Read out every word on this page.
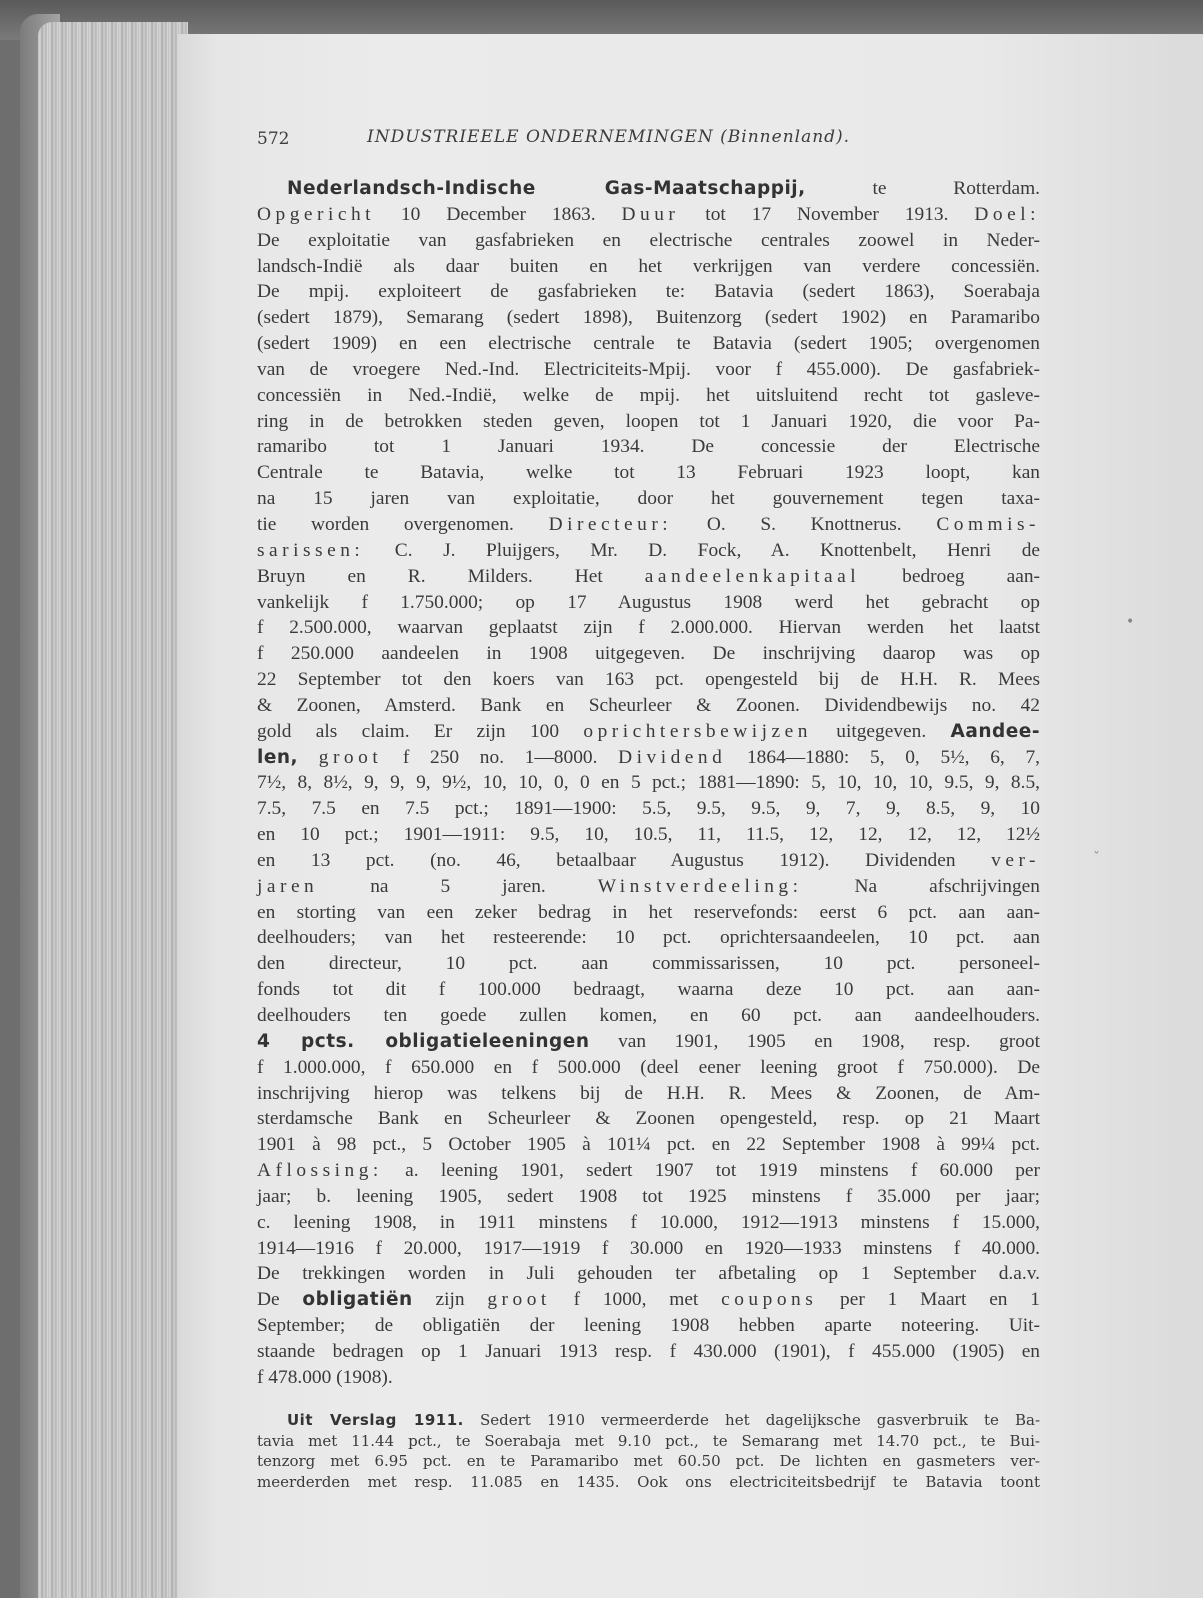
572	INDUSTRIEELE ONDERNEMINGEN (Binnenland).
Nederlandsch-Indische Gas-Maatschappij, te Rotterdam.
Opgericht 10 December 1863. Duur tot 17 November 1913. Doel:
De exploitatie van gasfabrieken en electrische centrales zoowel in Neder-
landsch-Indië als daar buiten en het verkrijgen van verdere concessiën.
De mpij. exploiteert de gasfabrieken te: Batavia (sedert 1863), Soerabaja
(sedert 1879), Semarang (sedert 1898), Buitenzorg (sedert 1902) en Paramaribo
(sedert 1909) en een electrische centrale te Batavia (sedert 1905; overgenomen
van de vroegere Ned.-Ind. Electriciteits-Mpij. voor f 455.000). De gasfabriek-
concessiën in Ned.-Indië, welke de mpij. het uitsluitend recht tot gasleve-
ring in de betrokken steden geven, loopen tot 1 Januari 1920, die voor Pa-
ramaribo tot 1 Januari 1934. De concessie der Electrische
Centrale te Batavia, welke tot 13 Februari 1923 loopt, kan
na 15 jaren van exploitatie, door het gouvernement tegen taxa-
tie worden overgenomen. Directeur: O. S. Knottnerus. Commis-
sarissen: C. J. Pluijgers, Mr. D. Fock, A. Knottenbelt, Henri de
Bruyn en R. Milders. Het aandeelenkapitaal bedroeg aan-
vankelijk f 1.750.000; op 17 Augustus 1908 werd het gebracht op
f 2.500.000, waarvan geplaatst zijn f 2.000.000. Hiervan werden het laatst
f 250.000 aandeelen in 1908 uitgegeven. De inschrijving daarop was op
22 September tot den koers van 163 pct. opengesteld bij de H.H. R. Mees
& Zoonen, Amsterd. Bank en Scheurleer & Zoonen. Dividendbewijs no. 42
gold als claim. Er zijn 100 oprichtersbewijzen uitgegeven. Aandee-
len, groot f 250 no. 1—8000. Dividend 1864—1880: 5, 0, 5½, 6, 7,
7½, 8, 8½, 9, 9, 9, 9½, 10, 10, 0, 0 en 5 pct.; 1881—1890: 5, 10, 10, 10, 9.5, 9, 8.5,
7.5, 7.5 en 7.5 pct.; 1891—1900: 5.5, 9.5, 9.5, 9, 7, 9, 8.5, 9, 10
en 10 pct.; 1901—1911: 9.5, 10, 10.5, 11, 11.5, 12, 12, 12, 12, 12½
en 13 pct. (no. 46, betaalbaar Augustus 1912). Dividenden ver-
jaren na 5 jaren. Winstverdeeling: Na afschrijvingen
en storting van een zeker bedrag in het reservefonds: eerst 6 pct. aan aan-
deelhouders; van het resteerende: 10 pct. oprichtersaandeelen, 10 pct. aan
den directeur, 10 pct. aan commissarissen, 10 pct. personeel-
fonds tot dit f 100.000 bedraagt, waarna deze 10 pct. aan aan-
deelhouders ten goede zullen komen, en 60 pct. aan aandeelhouders.
4 pcts. obligatieleeningen van 1901, 1905 en 1908, resp. groot
f 1.000.000, f 650.000 en f 500.000 (deel eener leening groot f 750.000). De
inschrijving hierop was telkens bij de H.H. R. Mees & Zoonen, de Am-
sterdamsche Bank en Scheurleer & Zoonen opengesteld, resp. op 21 Maart
1901 à 98 pct., 5 October 1905 à 101¼ pct. en 22 September 1908 à 99¼ pct.
Aflossing: a. leening 1901, sedert 1907 tot 1919 minstens f 60.000 per
jaar; b. leening 1905, sedert 1908 tot 1925 minstens f 35.000 per jaar;
c. leening 1908, in 1911 minstens f 10.000, 1912—1913 minstens f 15.000,
1914—1916 f 20.000, 1917—1919 f 30.000 en 1920—1933 minstens f 40.000.
De trekkingen worden in Juli gehouden ter afbetaling op 1 September d.a.v.
De obligatiën zijn groot f 1000, met coupons per 1 Maart en 1
September; de obligatiën der leening 1908 hebben aparte noteering. Uit-
staande bedragen op 1 Januari 1913 resp. f 430.000 (1901), f 455.000 (1905) en
f 478.000 (1908).
Uit Verslag 1911. Sedert 1910 vermeerderde het dagelijksche gasverbruik te Ba-
tavia met 11.44 pct., te Soerabaja met 9.10 pct., te Semarang met 14.70 pct., te Bui-
tenzorg met 6.95 pct. en te Paramaribo met 60.50 pct. De lichten en gasmeters ver-
meerderden met resp. 11.085 en 1435. Ook ons electriciteitsbedrijf te Batavia toont
•
˯
